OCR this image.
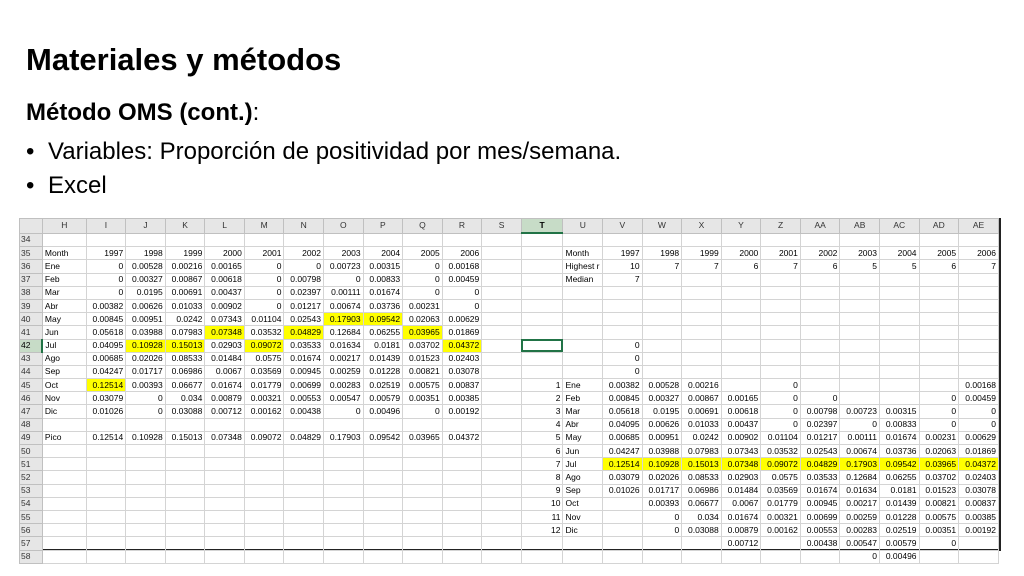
Materiales y métodos
Método OMS (cont.):
• Variables: Proporción de positividad por mes/semana.
• Excel
	H	I	J	K	L	M	N	O	P	Q	R	S	T	U	V	W	X	Y	Z	AA	AB	AC	AD	AE
34																								
35	Month	1997	1998	1999	2000	2001	2002	2003	2004	2005	2006			Month	1997	1998	1999	2000	2001	2002	2003	2004	2005	2006
36	Ene	0	0.00528	0.00216	0.00165	0	0	0.00723	0.00315	0	0.00168			Highest r	10	7	7	6	7	6	5	5	6	7
37	Feb	0	0.00327	0.00867	0.00618	0	0.00798	0	0.00833	0	0.00459			Median	7									
38	Mar	0	0.0195	0.00691	0.00437	0	0.02397	0.00111	0.01674	0	0													
39	Abr	0.00382	0.00626	0.01033	0.00902	0	0.01217	0.00674	0.03736	0.00231	0													
40	May	0.00845	0.00951	0.0242	0.07343	0.01104	0.02543	0.17903	0.09542	0.02063	0.00629													
41	Jun	0.05618	0.03988	0.07983	0.07348	0.03532	0.04829	0.12684	0.06255	0.03965	0.01869													
42	Jul	0.04095	0.10928	0.15013	0.02903	0.09072	0.03533	0.01634	0.0181	0.03702	0.04372				0									
43	Ago	0.00685	0.02026	0.08533	0.01484	0.0575	0.01674	0.00217	0.01439	0.01523	0.02403				0									
44	Sep	0.04247	0.01717	0.06986	0.0067	0.03569	0.00945	0.00259	0.01228	0.00821	0.03078				0									
45	Oct	0.12514	0.00393	0.06677	0.01674	0.01779	0.00699	0.00283	0.02519	0.00575	0.00837		1	Ene	0.00382	0.00528	0.00216		0					0.00168
46	Nov	0.03079	0	0.034	0.00879	0.00321	0.00553	0.00547	0.00579	0.00351	0.00385		2	Feb	0.00845	0.00327	0.00867	0.00165	0	0			0	0.00459
47	Dic	0.01026	0	0.03088	0.00712	0.00162	0.00438	0	0.00496	0	0.00192		3	Mar	0.05618	0.0195	0.00691	0.00618	0	0.00798	0.00723	0.00315	0	0
48													4	Abr	0.04095	0.00626	0.01033	0.00437	0	0.02397	0	0.00833	0	0
49	Pico	0.12514	0.10928	0.15013	0.07348	0.09072	0.04829	0.17903	0.09542	0.03965	0.04372		5	May	0.00685	0.00951	0.0242	0.00902	0.01104	0.01217	0.00111	0.01674	0.00231	0.00629
50													6	Jun	0.04247	0.03988	0.07983	0.07343	0.03532	0.02543	0.00674	0.03736	0.02063	0.01869
51													7	Jul	0.12514	0.10928	0.15013	0.07348	0.09072	0.04829	0.17903	0.09542	0.03965	0.04372
52													8	Ago	0.03079	0.02026	0.08533	0.02903	0.0575	0.03533	0.12684	0.06255	0.03702	0.02403
53													9	Sep	0.01026	0.01717	0.06986	0.01484	0.03569	0.01674	0.01634	0.0181	0.01523	0.03078
54													10	Oct		0.00393	0.06677	0.0067	0.01779	0.00945	0.00217	0.01439	0.00821	0.00837
55													11	Nov		0	0.034	0.01674	0.00321	0.00699	0.00259	0.01228	0.00575	0.00385
56													12	Dic		0	0.03088	0.00879	0.00162	0.00553	0.00283	0.02519	0.00351	0.00192
57																		0.00712		0.00438	0.00547	0.00579	0	
58																					0	0.00496		
